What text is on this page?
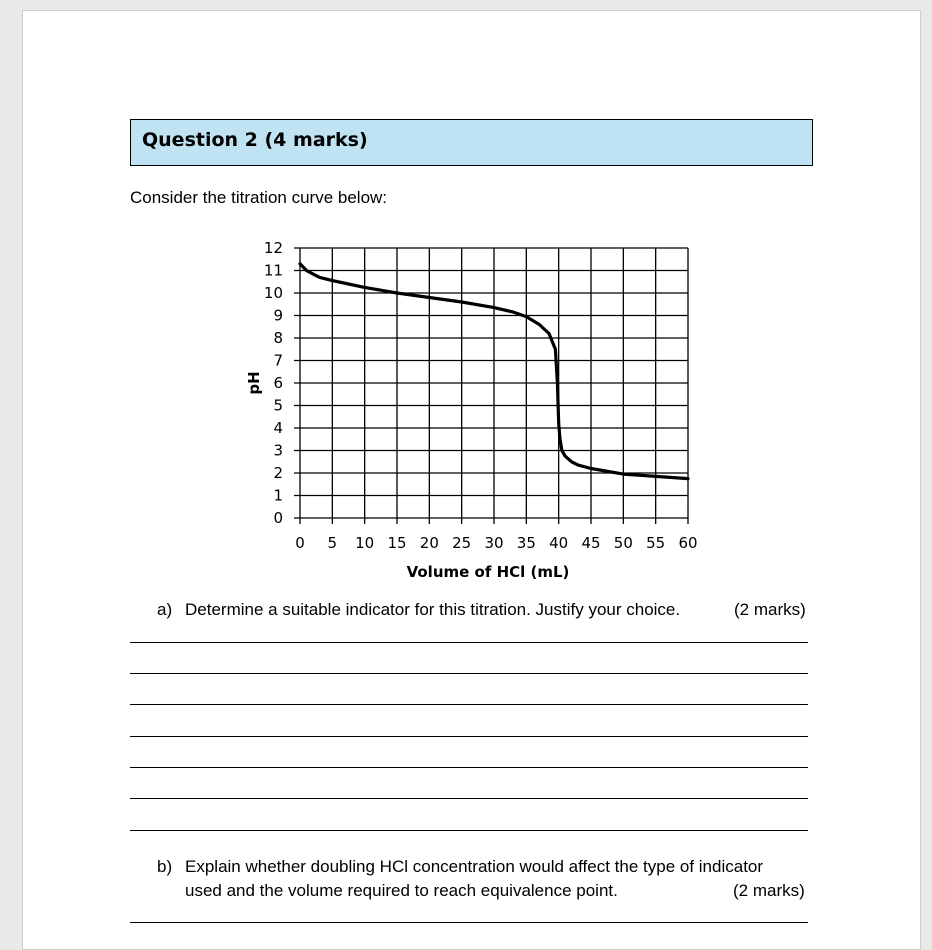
Question 2 (4 marks)
Consider the titration curve below:
0
1
2
3
4
5
6
7
8
9
10
11
12
0 5 10 15 20 25 30 35 40 45 50 55 60
pH
Volume of HCl (mL)
a) Determine a suitable indicator for this titration. Justify your choice.	(2 marks)
b) Explain whether doubling HCl concentration would affect the type of indicator
used and the volume required to reach equivalence point.	(2 marks)
